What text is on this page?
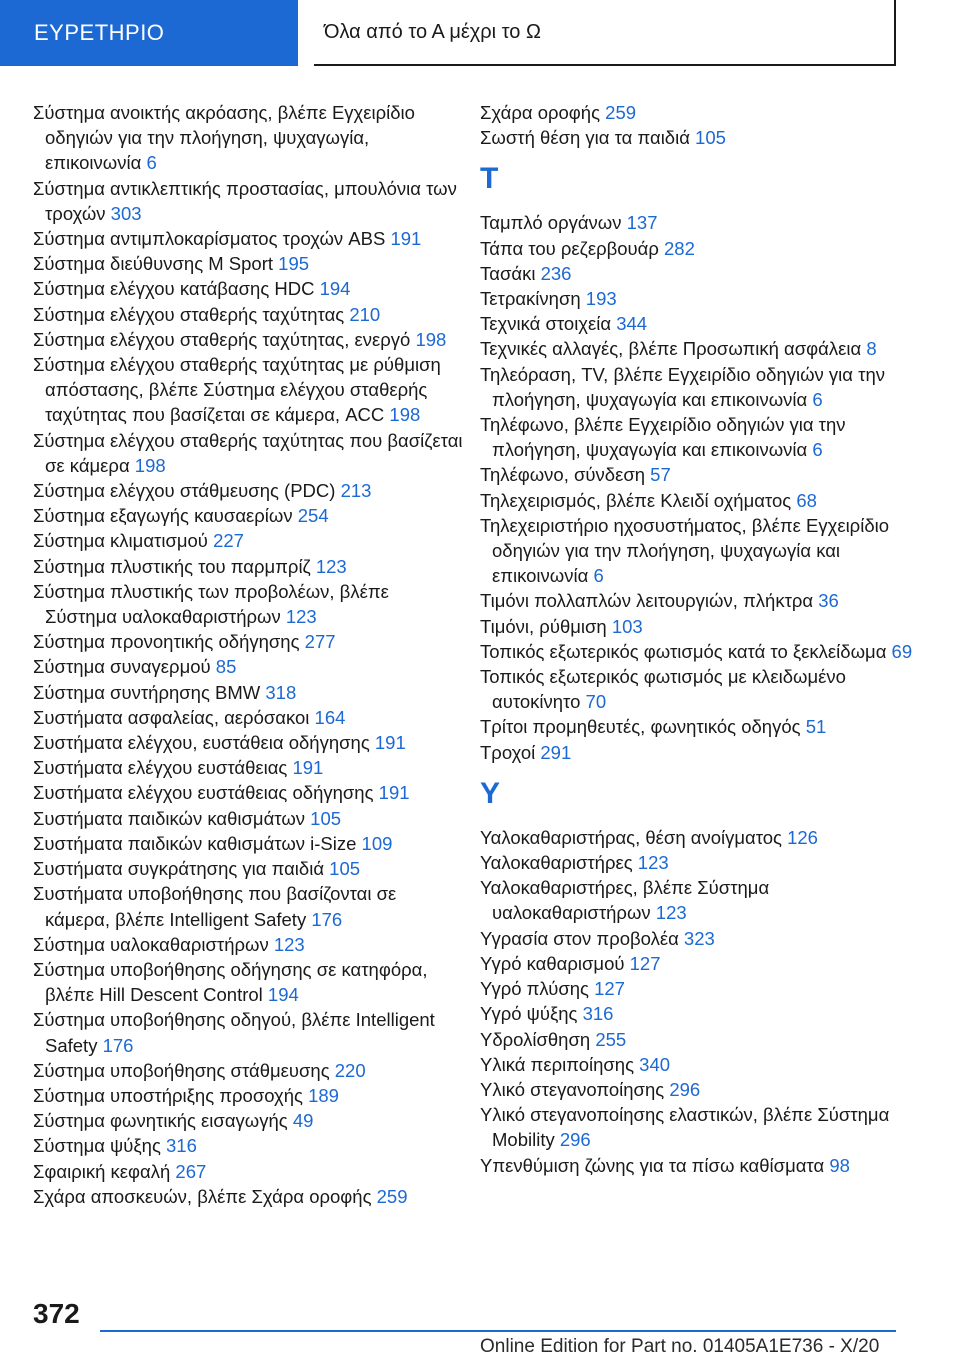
ΕΥΡΕΤΗΡΙΟ	Όλα από το Α μέχρι το Ω
Σύστημα ανοικτής ακρόασης, βλέπε Εγχειρίδιο οδηγιών για την πλοήγηση, ψυχαγωγία, επικοινωνία 6
Σύστημα αντικλεπτικής προστασίας, μπουλόνια των τροχών 303
Σύστημα αντιμπλοκαρίσματος τροχών ABS 191
Σύστημα διεύθυνσης M Sport 195
Σύστημα ελέγχου κατάβασης HDC 194
Σύστημα ελέγχου σταθερής ταχύτητας 210
Σύστημα ελέγχου σταθερής ταχύτητας, ενεργό 198
Σύστημα ελέγχου σταθερής ταχύτητας με ρύθμιση απόστασης, βλέπε Σύστημα ελέγχου σταθερής ταχύτητας που βασίζεται σε κάμερα, ACC 198
Σύστημα ελέγχου σταθερής ταχύτητας που βασίζεται σε κάμερα 198
Σύστημα ελέγχου στάθμευσης (PDC) 213
Σύστημα εξαγωγής καυσαερίων 254
Σύστημα κλιματισμού 227
Σύστημα πλυστικής του παρμπρίζ 123
Σύστημα πλυστικής των προβολέων, βλέπε Σύστημα υαλοκαθαριστήρων 123
Σύστημα προνοητικής οδήγησης 277
Σύστημα συναγερμού 85
Σύστημα συντήρησης BMW 318
Συστήματα ασφαλείας, αερόσακοι 164
Συστήματα ελέγχου, ευστάθεια οδήγησης 191
Συστήματα ελέγχου ευστάθειας 191
Συστήματα ελέγχου ευστάθειας οδήγησης 191
Συστήματα παιδικών καθισμάτων 105
Συστήματα παιδικών καθισμάτων i-Size 109
Συστήματα συγκράτησης για παιδιά 105
Συστήματα υποβοήθησης που βασίζονται σε κάμερα, βλέπε Intelligent Safety 176
Σύστημα υαλοκαθαριστήρων 123
Σύστημα υποβοήθησης οδήγησης σε κατηφόρα, βλέπε Hill Descent Control 194
Σύστημα υποβοήθησης οδηγού, βλέπε Intelligent Safety 176
Σύστημα υποβοήθησης στάθμευσης 220
Σύστημα υποστήριξης προσοχής 189
Σύστημα φωνητικής εισαγωγής 49
Σύστημα ψύξης 316
Σφαιρική κεφαλή 267
Σχάρα αποσκευών, βλέπε Σχάρα οροφής 259
Σχάρα οροφής 259
Σωστή θέση για τα παιδιά 105
T
Ταμπλό οργάνων 137
Τάπα του ρεζερβουάρ 282
Τασάκι 236
Τετρακίνηση 193
Τεχνικά στοιχεία 344
Τεχνικές αλλαγές, βλέπε Προσωπική ασφάλεια 8
Τηλεόραση, TV, βλέπε Εγχειρίδιο οδηγιών για την πλοήγηση, ψυχαγωγία και επικοινωνία 6
Τηλέφωνο, βλέπε Εγχειρίδιο οδηγιών για την πλοήγηση, ψυχαγωγία και επικοινωνία 6
Τηλέφωνο, σύνδεση 57
Τηλεχειρισμός, βλέπε Κλειδί οχήματος 68
Τηλεχειριστήριο ηχοσυστήματος, βλέπε Εγχειρίδιο οδηγιών για την πλοήγηση, ψυχαγωγία και επικοινωνία 6
Τιμόνι πολλαπλών λειτουργιών, πλήκτρα 36
Τιμόνι, ρύθμιση 103
Τοπικός εξωτερικός φωτισμός κατά το ξεκλείδωμα 69
Τοπικός εξωτερικός φωτισμός με κλειδωμένο αυτοκίνητο 70
Τρίτοι προμηθευτές, φωνητικός οδηγός 51
Τροχοί 291
Y
Υαλοκαθαριστήρας, θέση ανοίγματος 126
Υαλοκαθαριστήρες 123
Υαλοκαθαριστήρες, βλέπε Σύστημα υαλοκαθαριστήρων 123
Υγρασία στον προβολέα 323
Υγρό καθαρισμού 127
Υγρό πλύσης 127
Υγρό ψύξης 316
Υδρολίσθηση 255
Υλικά περιποίησης 340
Υλικό στεγανοποίησης 296
Υλικό στεγανοποίησης ελαστικών, βλέπε Σύστημα Mobility 296
Υπενθύμιση ζώνης για τα πίσω καθίσματα 98
372
Online Edition for Part no. 01405A1E736 - X/20
